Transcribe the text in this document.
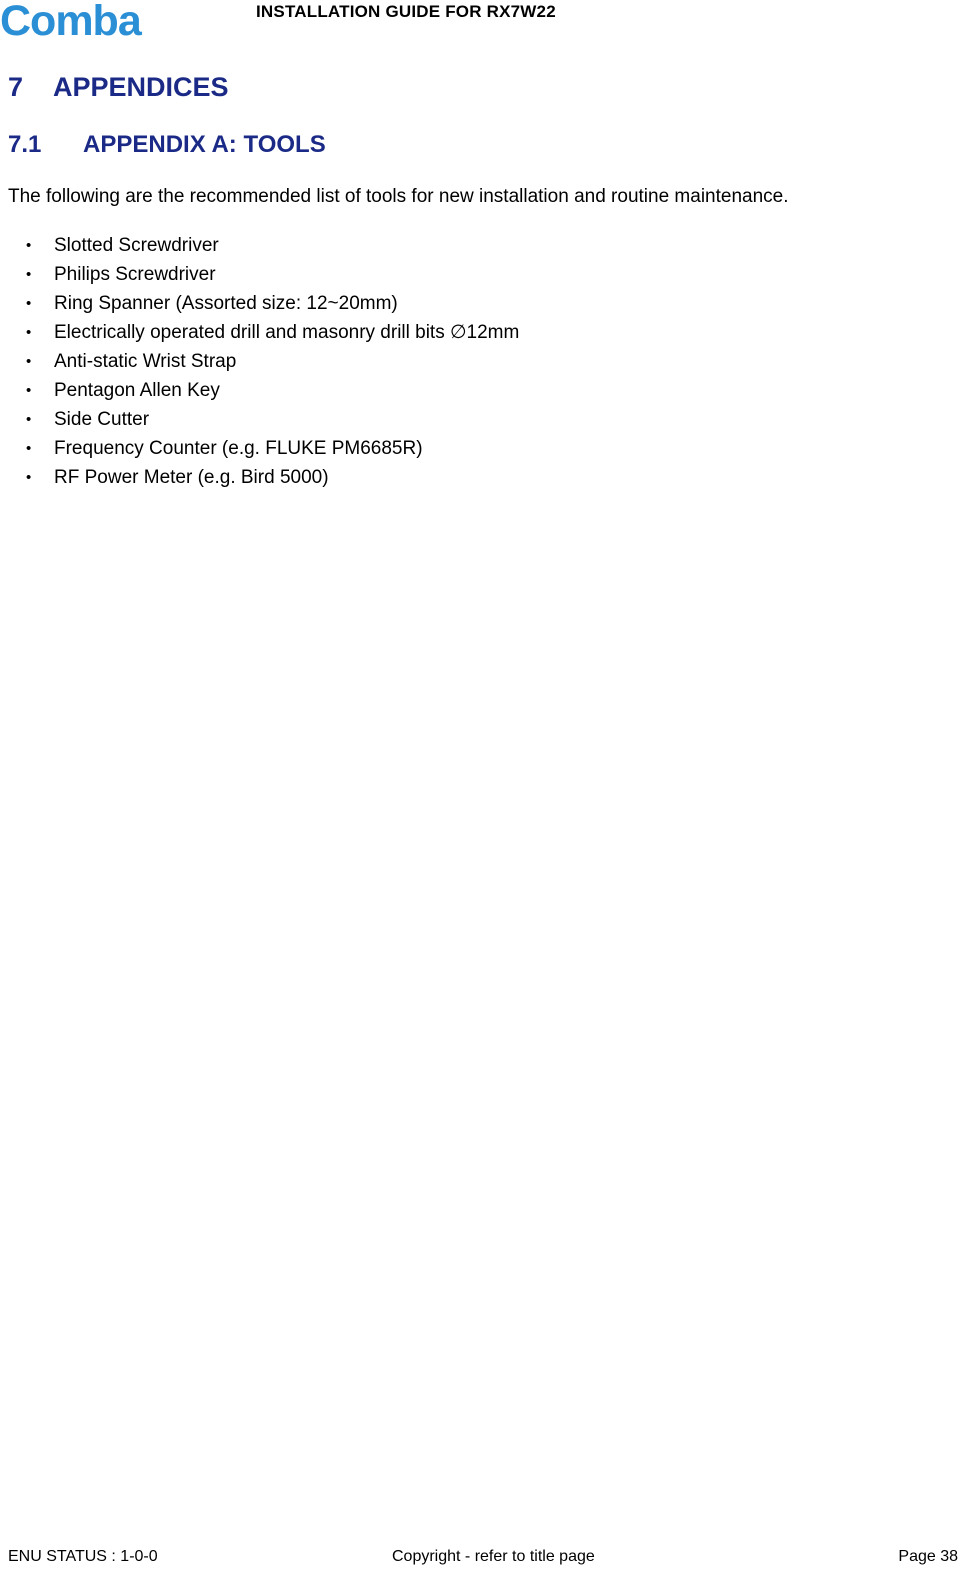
Comba	INSTALLATION GUIDE FOR RX7W22
7 APPENDICES
7.1 APPENDIX A: TOOLS
The following are the recommended list of tools for new installation and routine maintenance.
• Slotted Screwdriver
• Philips Screwdriver
• Ring Spanner (Assorted size: 12~20mm)
• Electrically operated drill and masonry drill bits ∅12mm
• Anti-static Wrist Strap
• Pentagon Allen Key
• Side Cutter
• Frequency Counter (e.g. FLUKE PM6685R)
• RF Power Meter (e.g. Bird 5000)
ENU STATUS : 1-0-0	Copyright - refer to title page	Page 38
